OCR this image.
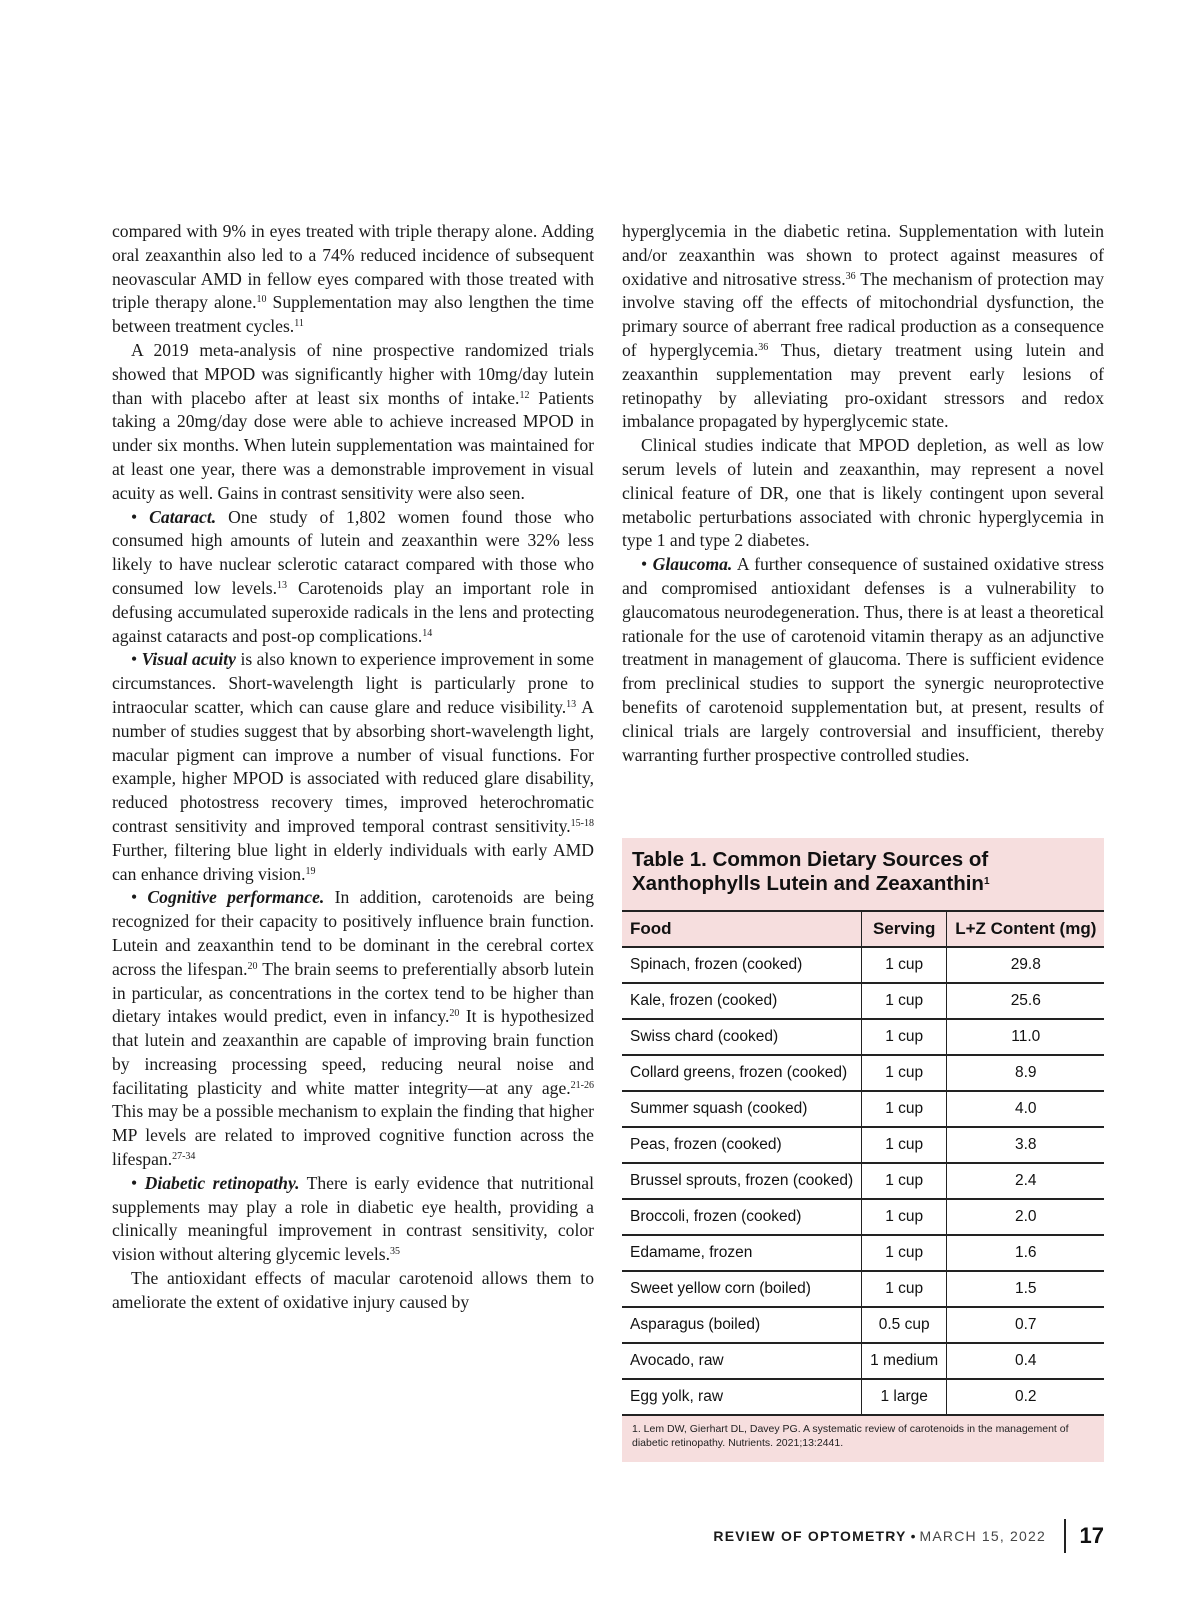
compared with 9% in eyes treated with triple therapy alone. Adding oral zeaxanthin also led to a 74% reduced incidence of subsequent neovascular AMD in fellow eyes compared with those treated with triple therapy alone.$^{10}$ Supplementation may also lengthen the time between treatment cycles.$^{11}$

A 2019 meta-analysis of nine prospective randomized trials showed that MPOD was significantly higher with 10mg/day lutein than with placebo after at least six months of intake.$^{12}$ Patients taking a 20mg/day dose were able to achieve increased MPOD in under six months. When lutein supplementation was maintained for at least one year, there was a demonstrable improvement in visual acuity as well. Gains in contrast sensitivity were also seen.

• Cataract. One study of 1,802 women found those who consumed high amounts of lutein and zeaxanthin were 32% less likely to have nuclear sclerotic cataract compared with those who consumed low levels.$^{13}$ Carotenoids play an important role in defusing accumulated superoxide radicals in the lens and protecting against cataracts and post-op complications.$^{14}$

• Visual acuity is also known to experience improvement in some circumstances. Short-wavelength light is particularly prone to intraocular scatter, which can cause glare and reduce visibility.$^{13}$ A number of studies suggest that by absorbing short-wavelength light, macular pigment can improve a number of visual functions. For example, higher MPOD is associated with reduced glare disability, reduced photostress recovery times, improved heterochromatic contrast sensitivity and improved temporal contrast sensitivity.$^{15-18}$ Further, filtering blue light in elderly individuals with early AMD can enhance driving vision.$^{19}$

• Cognitive performance. In addition, carotenoids are being recognized for their capacity to positively influence brain function. Lutein and zeaxanthin tend to be dominant in the cerebral cortex across the lifespan.$^{20}$ The brain seems to preferentially absorb lutein in particular, as concentrations in the cortex tend to be higher than dietary intakes would predict, even in infancy.$^{20}$ It is hypothesized that lutein and zeaxanthin are capable of improving brain function by increasing processing speed, reducing neural noise and facilitating plasticity and white matter integrity—at any age.$^{21-26}$ This may be a possible mechanism to explain the finding that higher MP levels are related to improved cognitive function across the lifespan.$^{27-34}$

• Diabetic retinopathy. There is early evidence that nutritional supplements may play a role in diabetic eye health, providing a clinically meaningful improvement in contrast sensitivity, color vision without altering glycemic levels.$^{35}$

The antioxidant effects of macular carotenoid allows them to ameliorate the extent of oxidative injury caused by

hyperglycemia in the diabetic retina. Supplementation with lutein and/or zeaxanthin was shown to protect against measures of oxidative and nitrosative stress.$^{36}$ The mechanism of protection may involve staving off the effects of mitochondrial dysfunction, the primary source of aberrant free radical production as a consequence of hyperglycemia.$^{36}$ Thus, dietary treatment using lutein and zeaxanthin supplementation may prevent early lesions of retinopathy by alleviating pro-oxidant stressors and redox imbalance propagated by hyperglycemic state.

Clinical studies indicate that MPOD depletion, as well as low serum levels of lutein and zeaxanthin, may represent a novel clinical feature of DR, one that is likely contingent upon several metabolic perturbations associated with chronic hyperglycemia in type 1 and type 2 diabetes.

• Glaucoma. A further consequence of sustained oxidative stress and compromised antioxidant defenses is a vulnerability to glaucomatous neurodegeneration. Thus, there is at least a theoretical rationale for the use of carotenoid vitamin therapy as an adjunctive treatment in management of glaucoma. There is sufficient evidence from preclinical studies to support the synergic neuroprotective benefits of carotenoid supplementation but, at present, results of clinical trials are largely controversial and insufficient, thereby warranting further prospective controlled studies.

Table 1. Common Dietary Sources of
Xanthophylls Lutein and Zeaxanthin$^1$
Food	Serving	L+Z Content (mg)
Spinach, frozen (cooked)	1 cup	29.8
Kale, frozen (cooked)	1 cup	25.6
Swiss chard (cooked)	1 cup	11.0
Collard greens, frozen (cooked)	1 cup	8.9
Summer squash (cooked)	1 cup	4.0
Peas, frozen (cooked)	1 cup	3.8
Brussel sprouts, frozen (cooked)	1 cup	2.4
Broccoli, frozen (cooked)	1 cup	2.0
Edamame, frozen	1 cup	1.6
Sweet yellow corn (boiled)	1 cup	1.5
Asparagus (boiled)	0.5 cup	0.7
Avocado, raw	1 medium	0.4
Egg yolk, raw	1 large	0.2
1. Lem DW, Gierhart DL, Davey PG. A systematic review of carotenoids in the management of diabetic retinopathy. Nutrients. 2021;13:2441.
REVIEW OF OPTOMETRY • MARCH 15, 2022 17
